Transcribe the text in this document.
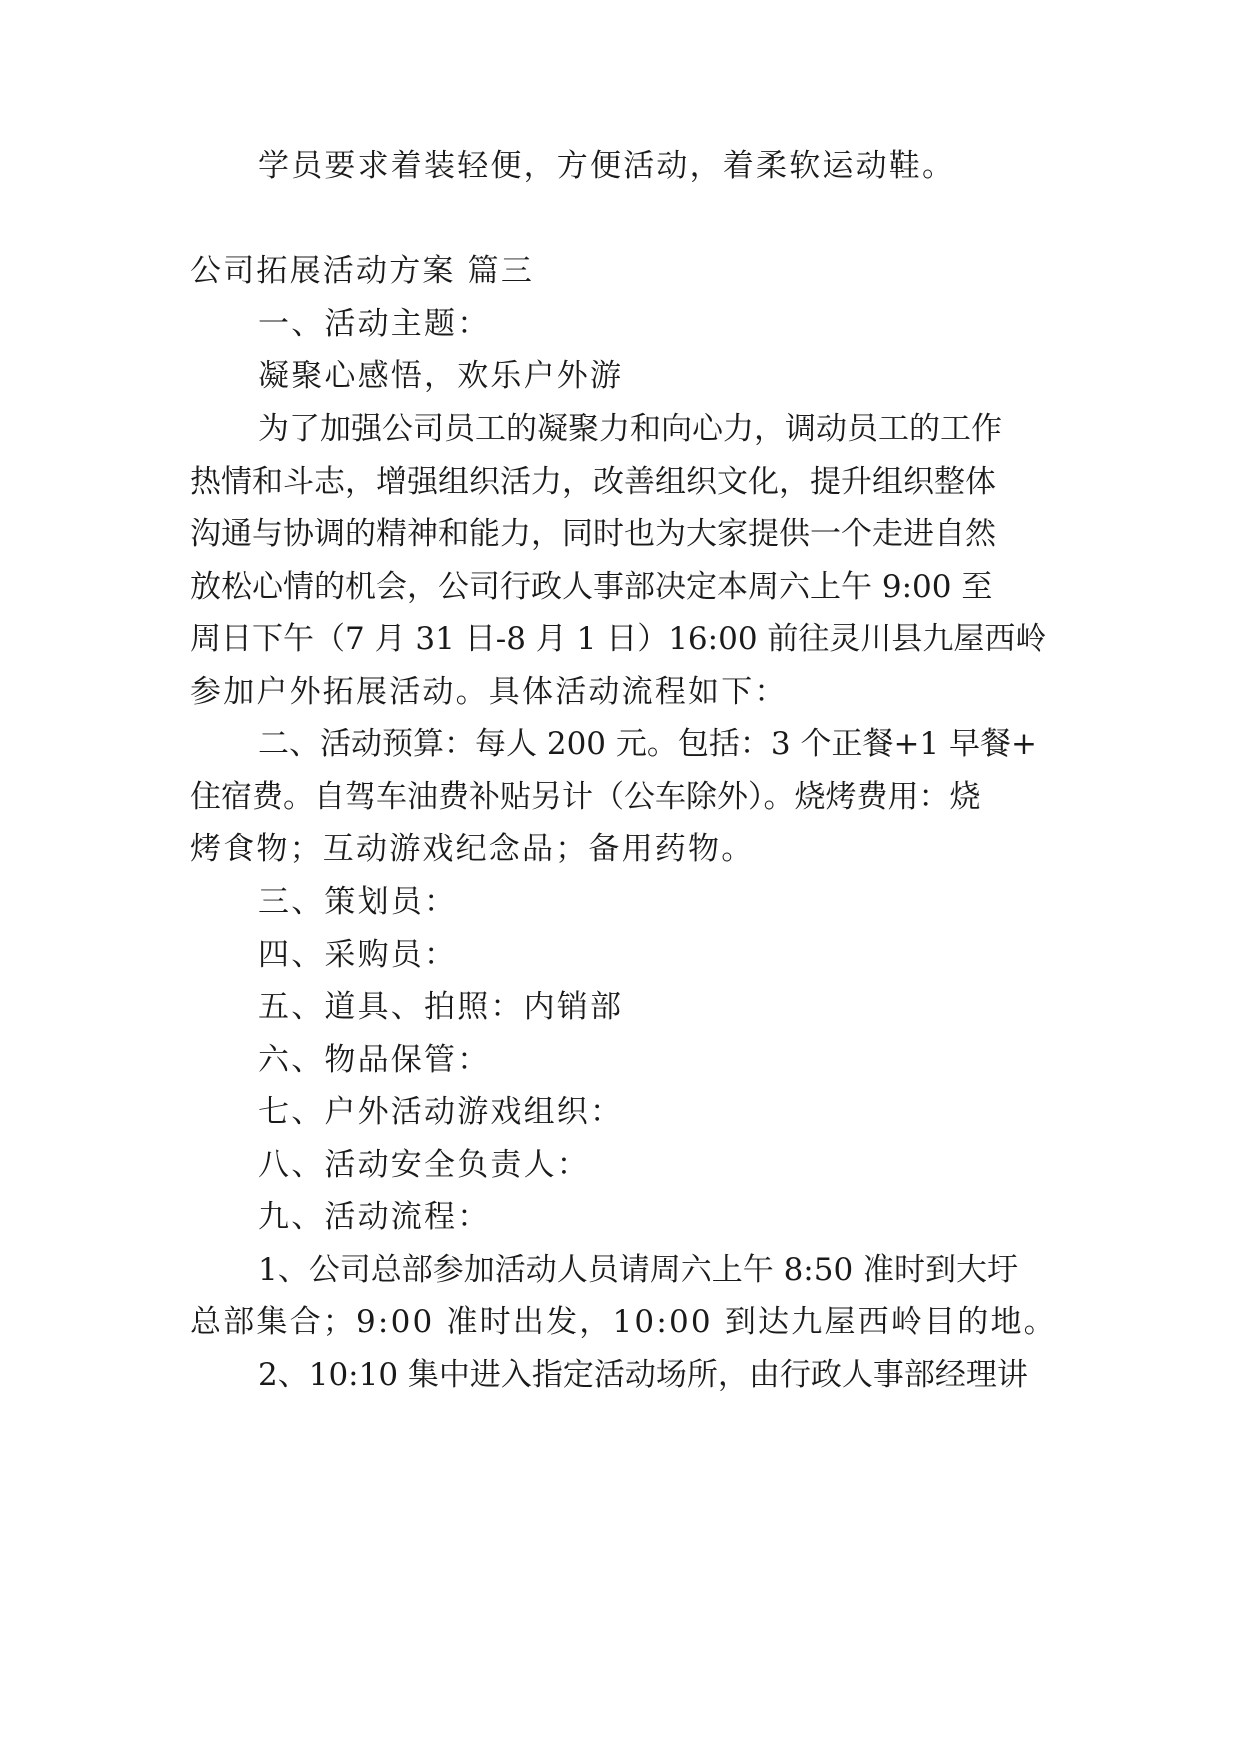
学员要求着装轻便，方便活动，着柔软运动鞋。
公司拓展活动方案 篇三
一、活动主题：
凝聚心感悟，欢乐户外游
为了加强公司员工的凝聚力和向心力，调动员工的工作
热情和斗志，增强组织活力，改善组织文化，提升组织整体
沟通与协调的精神和能力，同时也为大家提供一个走进自然
放松心情的机会，公司行政人事部决定本周六上午 9:00 至
周日下午（7 月 31 日-8 月 1 日）16:00 前往灵川县九屋西岭
参加户外拓展活动。具体活动流程如下：
二、活动预算：每人 200 元。包括：3 个正餐+1 早餐+
住宿费。自驾车油费补贴另计（公车除外）。烧烤费用：烧
烤食物；互动游戏纪念品；备用药物。
三、策划员：
四、采购员：
五、道具、拍照：内销部
六、物品保管：
七、户外活动游戏组织：
八、活动安全负责人：
九、活动流程：
1、公司总部参加活动人员请周六上午 8:50 准时到大圩
总部集合；9:00 准时出发，10:00 到达九屋西岭目的地。
2、10:10 集中进入指定活动场所，由行政人事部经理讲
